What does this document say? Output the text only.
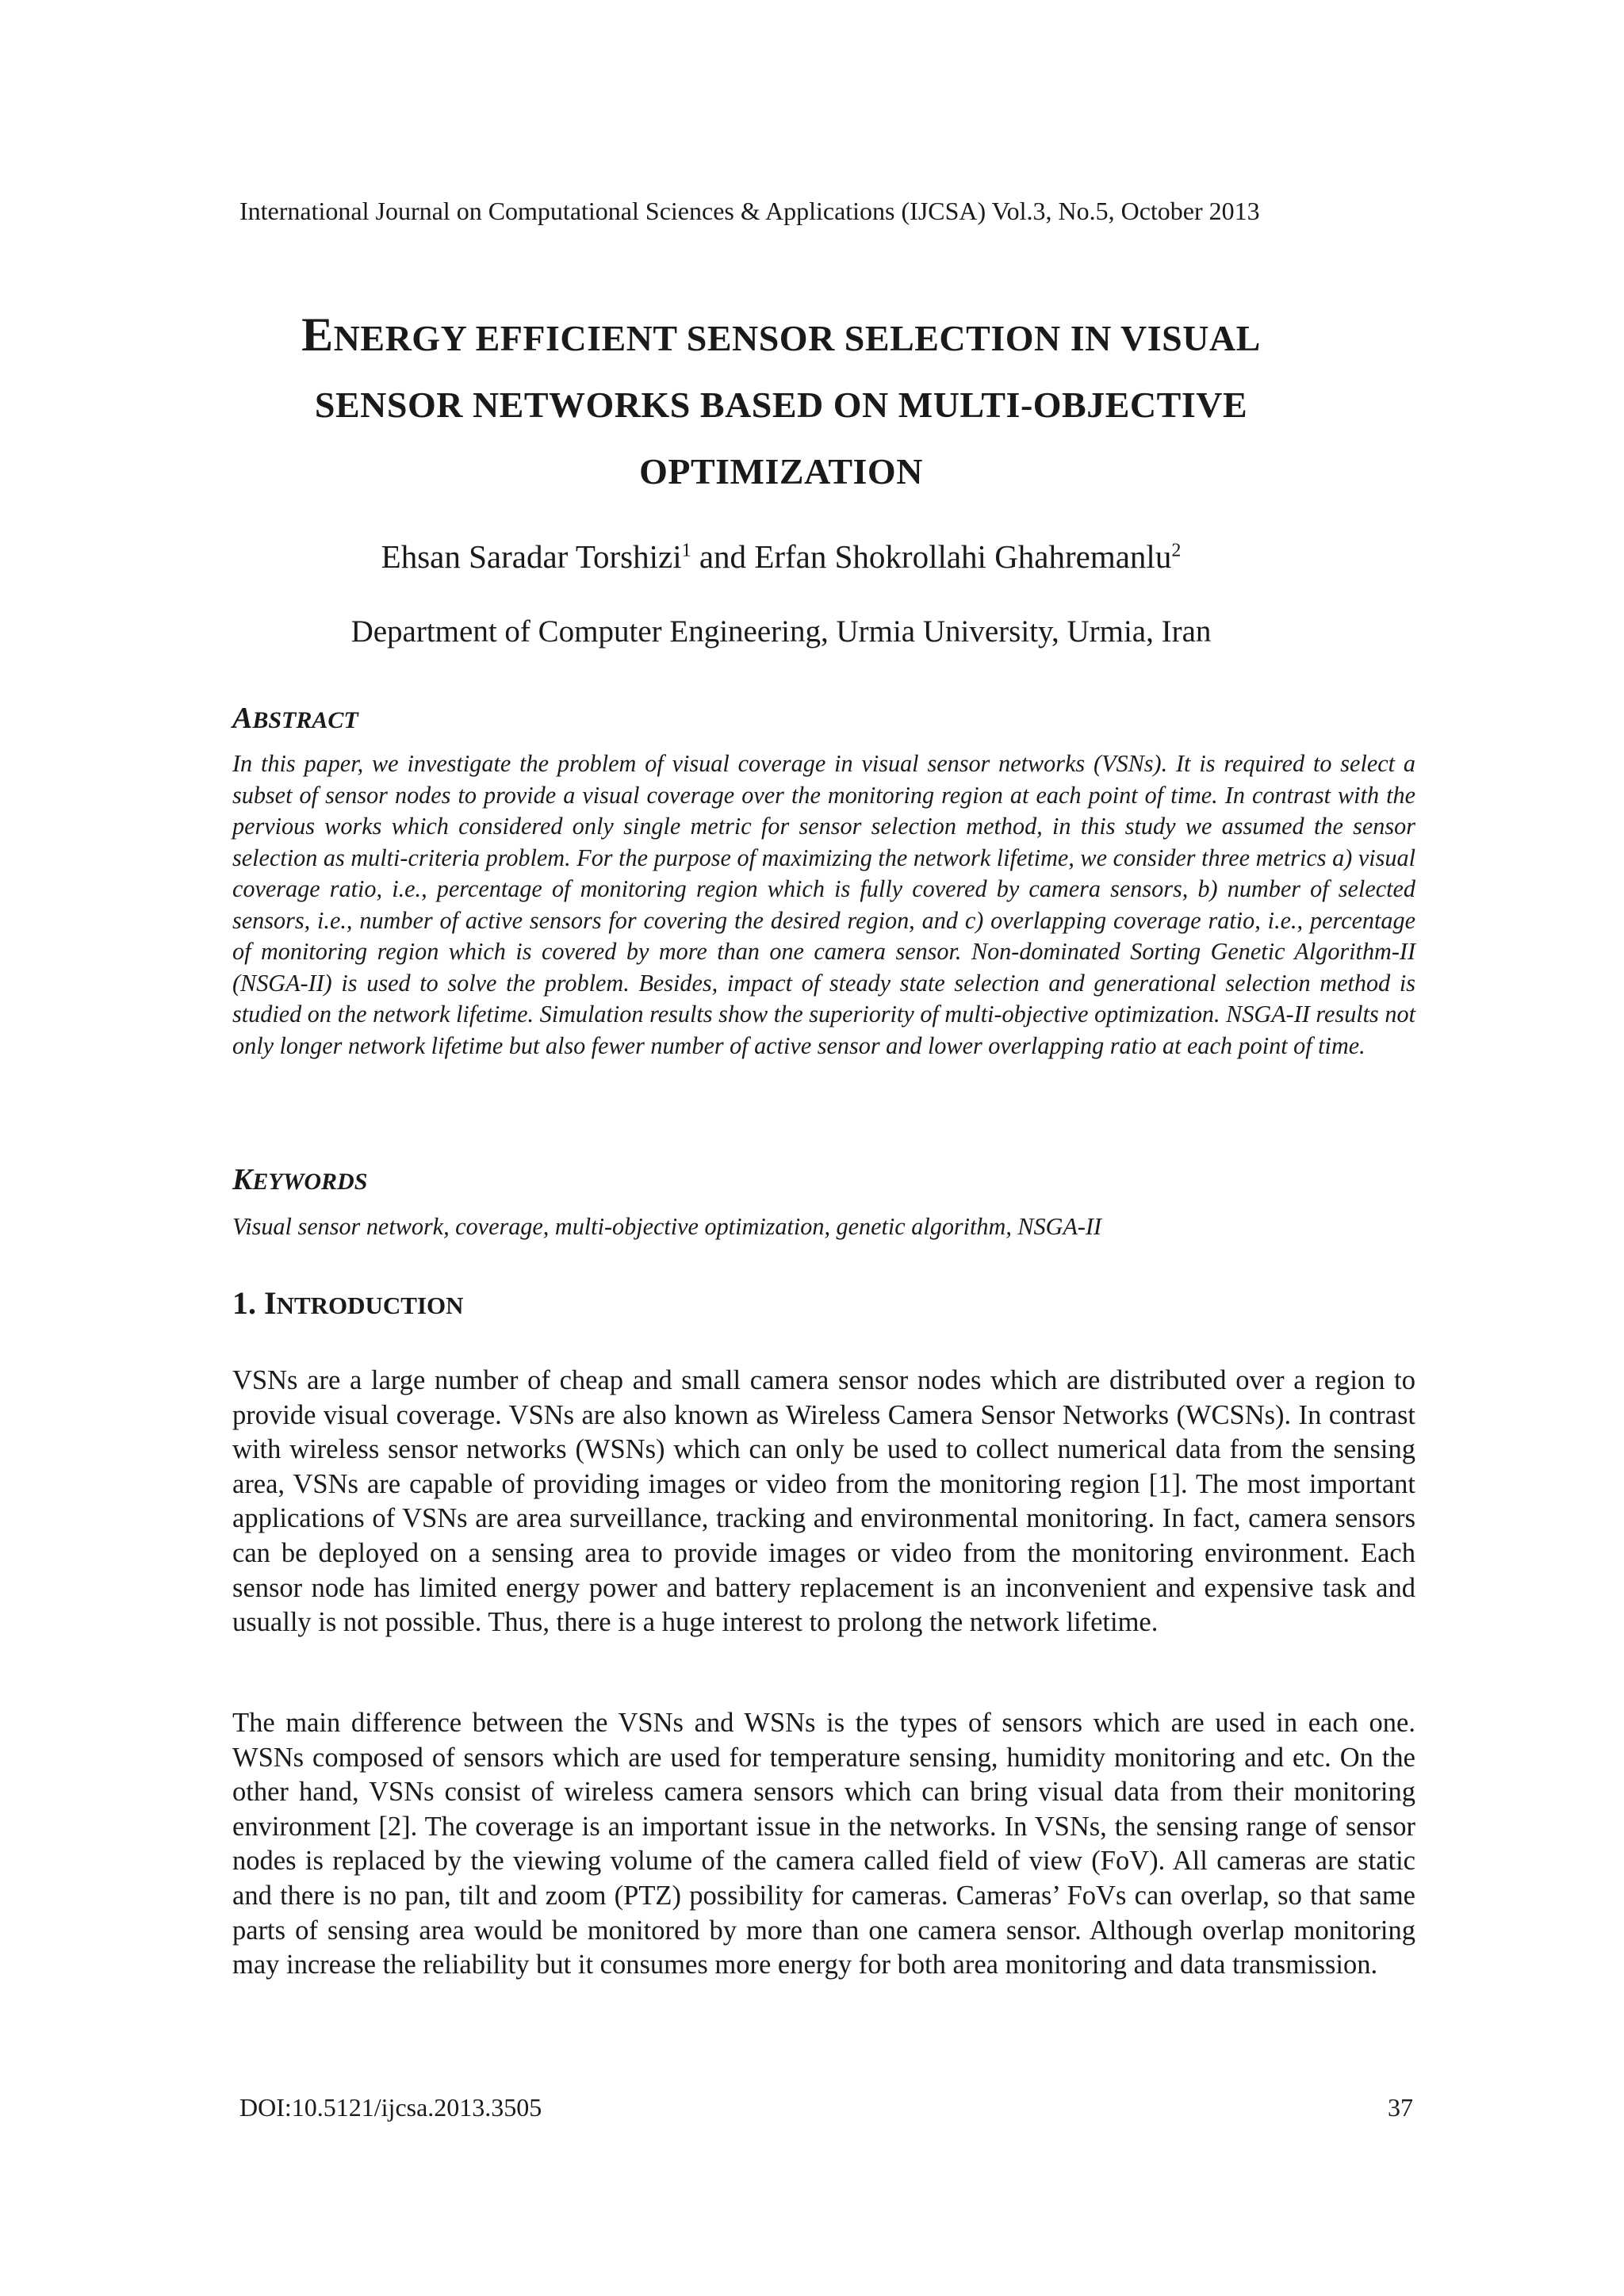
International Journal on Computational Sciences & Applications (IJCSA) Vol.3, No.5, October 2013
ENERGY EFFICIENT SENSOR SELECTION IN VISUAL
SENSOR NETWORKS BASED ON MULTI-OBJECTIVE
OPTIMIZATION
Ehsan Saradar Torshizi$^1$ and Erfan Shokrollahi Ghahremanlu$^2$
Department of Computer Engineering, Urmia University, Urmia, Iran
ABSTRACT
In this paper, we investigate the problem of visual coverage in visual sensor networks (VSNs). It is required to select a subset of sensor nodes to provide a visual coverage over the monitoring region at each point of time. In contrast with the pervious works which considered only single metric for sensor selection method, in this study we assumed the sensor selection as multi-criteria problem. For the purpose of maximizing the network lifetime, we consider three metrics a) visual coverage ratio, i.e., percentage of monitoring region which is fully covered by camera sensors, b) number of selected sensors, i.e., number of active sensors for covering the desired region, and c) overlapping coverage ratio, i.e., percentage of monitoring region which is covered by more than one camera sensor. Non-dominated Sorting Genetic Algorithm-II (NSGA-II) is used to solve the problem. Besides, impact of steady state selection and generational selection method is studied on the network lifetime. Simulation results show the superiority of multi-objective optimization. NSGA-II results not only longer network lifetime but also fewer number of active sensor and lower overlapping ratio at each point of time.
KEYWORDS
Visual sensor network, coverage, multi-objective optimization, genetic algorithm, NSGA-II
1. INTRODUCTION
VSNs are a large number of cheap and small camera sensor nodes which are distributed over a region to provide visual coverage. VSNs are also known as Wireless Camera Sensor Networks (WCSNs). In contrast with wireless sensor networks (WSNs) which can only be used to collect numerical data from the sensing area, VSNs are capable of providing images or video from the monitoring region [1]. The most important applications of VSNs are area surveillance, tracking and environmental monitoring. In fact, camera sensors can be deployed on a sensing area to provide images or video from the monitoring environment. Each sensor node has limited energy power and battery replacement is an inconvenient and expensive task and usually is not possible. Thus, there is a huge interest to prolong the network lifetime.
The main difference between the VSNs and WSNs is the types of sensors which are used in each one. WSNs composed of sensors which are used for temperature sensing, humidity monitoring and etc. On the other hand, VSNs consist of wireless camera sensors which can bring visual data from their monitoring environment [2]. The coverage is an important issue in the networks. In VSNs, the sensing range of sensor nodes is replaced by the viewing volume of the camera called field of view (FoV). All cameras are static and there is no pan, tilt and zoom (PTZ) possibility for cameras. Cameras’ FoVs can overlap, so that same parts of sensing area would be monitored by more than one camera sensor. Although overlap monitoring may increase the reliability but it consumes more energy for both area monitoring and data transmission.
DOI:10.5121/ijcsa.2013.3505	37
